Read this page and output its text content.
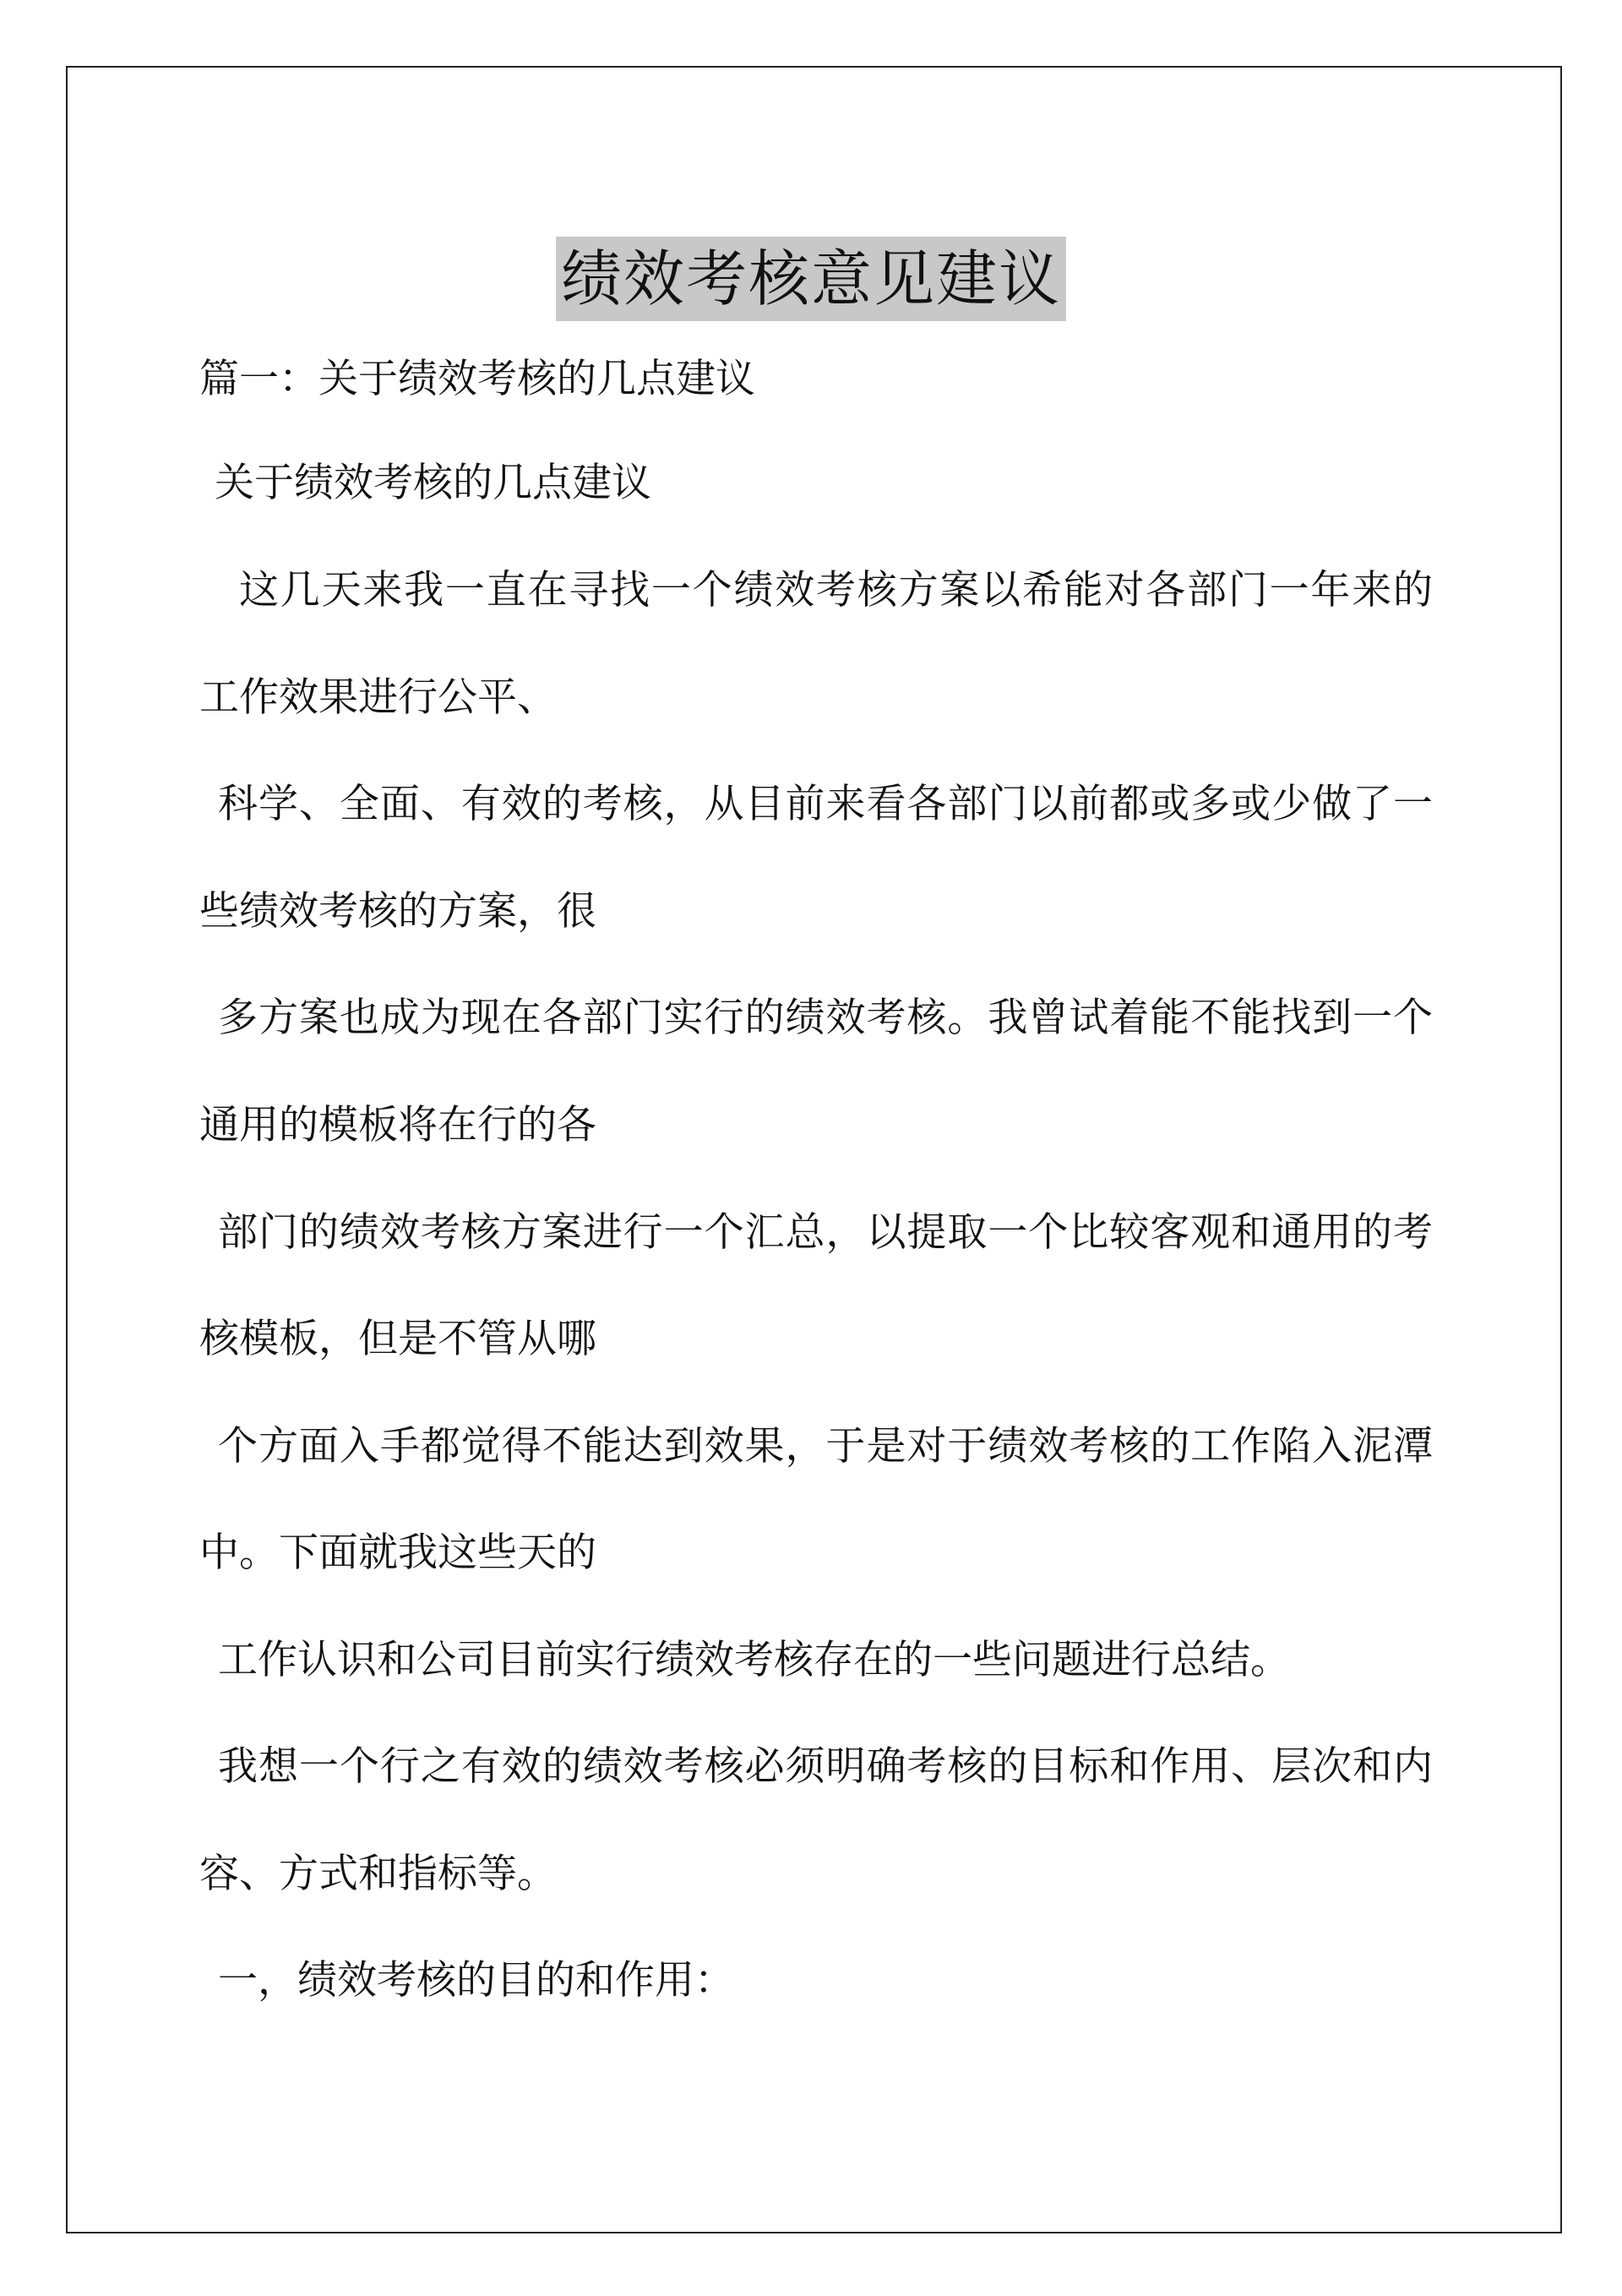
绩效考核意见建议
篇一：关于绩效考核的几点建议
关于绩效考核的几点建议
这几天来我一直在寻找一个绩效考核方案以希能对各部门一年来的
工作效果进行公平、
科学、全面、有效的考核，从目前来看各部门以前都或多或少做了一
些绩效考核的方案，很
多方案也成为现在各部门实行的绩效考核。我曾试着能不能找到一个
通用的模板将在行的各
部门的绩效考核方案进行一个汇总，以提取一个比较客观和通用的考
核模板，但是不管从哪
个方面入手都觉得不能达到效果，于是对于绩效考核的工作陷入泥潭
中。下面就我这些天的
工作认识和公司目前实行绩效考核存在的一些问题进行总结。
我想一个行之有效的绩效考核必须明确考核的目标和作用、层次和内
容、方式和指标等。
一，绩效考核的目的和作用：
